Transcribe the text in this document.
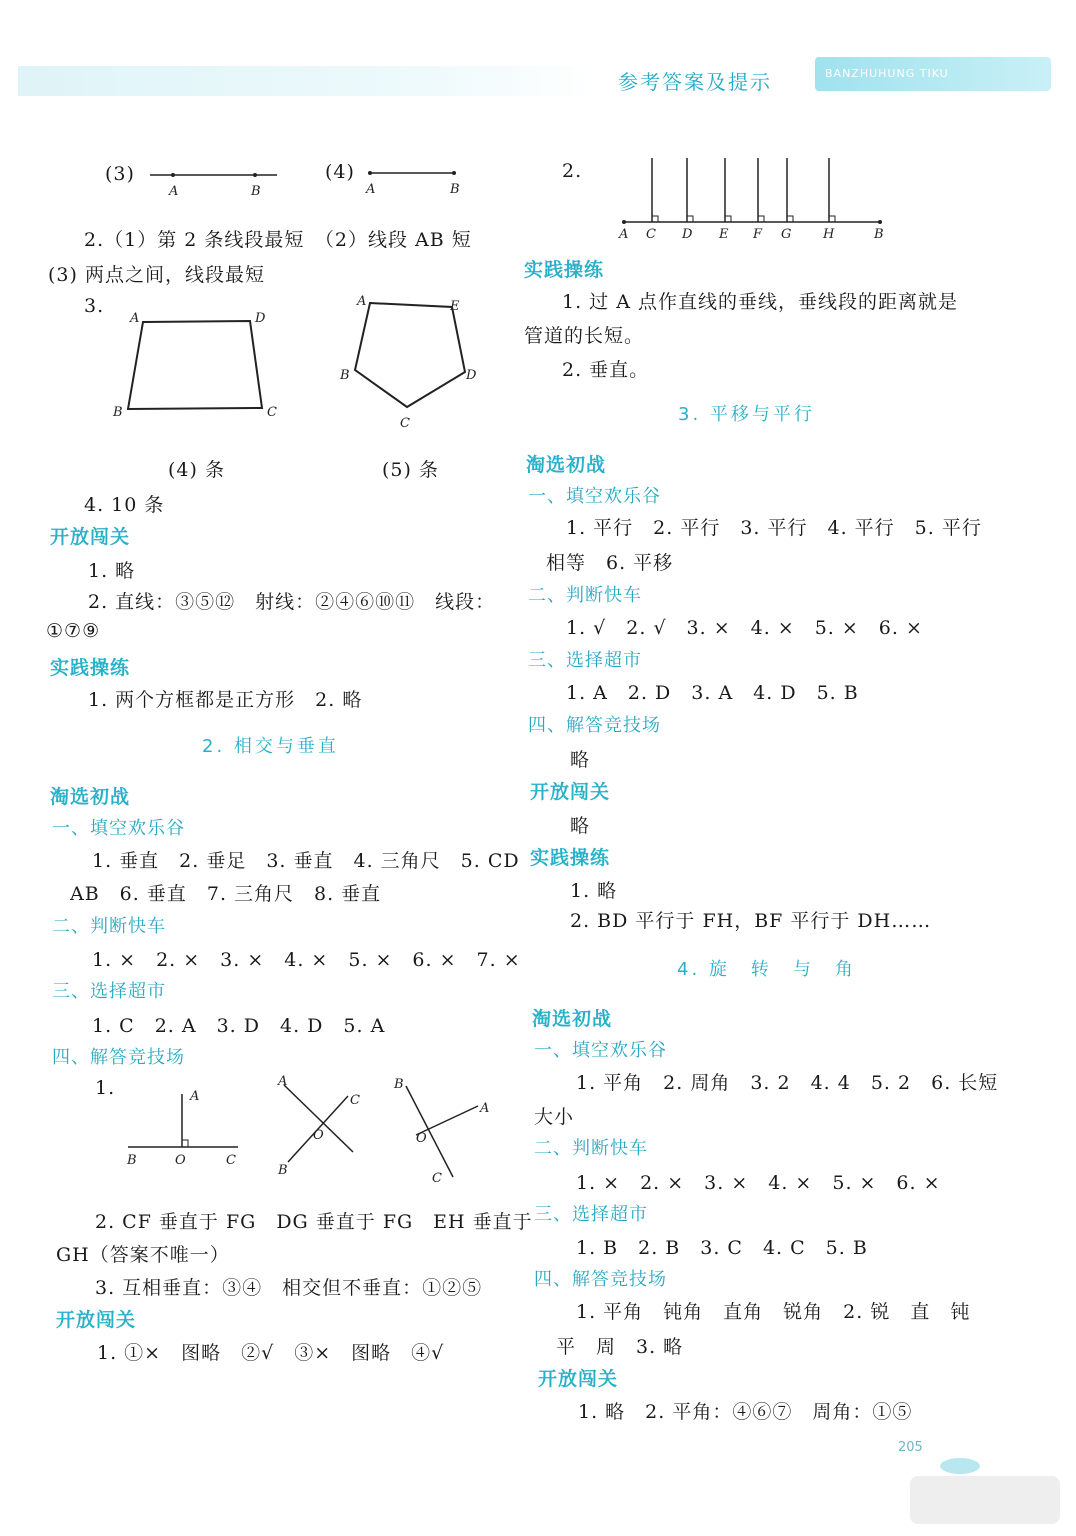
参考答案及提示	BANZHUHUNG TIKU
(3)
A	B
(4)
A	B
2.（1）第 2 条线段最短　（2）线段 AB 短
(3) 两点之间，线段最短
3.
A	D
B	C
A	E
B	D
C
(4) 条	(5) 条
4. 10 条
开放闯关
1. 略
2. 直线：③⑤⑫　射线：②④⑥⑩⑪　线段：
①⑦⑨
实践操练
1. 两个方框都是正方形　2. 略
2. 相交与垂直
淘选初战
一、填空欢乐谷
1. 垂直　2. 垂足　3. 垂直　4. 三角尺　5. CD
AB　6. 垂直　7. 三角尺　8. 垂直
二、判断快车
1. ×　2. ×　3. ×　4. ×　5. ×　6. ×　7. ×
三、选择超市
1. C　2. A　3. D　4. D　5. A
四、解答竞技场
1.	A
B	O	C
A
C
O
B
B
A
O
C
2. CF 垂直于 FG　DG 垂直于 FG　EH 垂直于
GH（答案不唯一）
3. 互相垂直：③④　相交但不垂直：①②⑤
开放闯关
1. ①×　图略　②√　③×　图略　④√
2.
A C D E F G H	B
实践操练
1. 过 A 点作直线的垂线，垂线段的距离就是
管道的长短。
2. 垂直。
3. 平移与平行
淘选初战
一、填空欢乐谷
1. 平行　2. 平行　3. 平行　4. 平行　5. 平行
相等　6. 平移
二、判断快车
1. √　2. √　3. ×　4. ×　5. ×　6. ×
三、选择超市
1. A　2. D　3. A　4. D　5. B
四、解答竞技场
略
开放闯关
略
实践操练
1. 略
2. BD 平行于 FH，BF 平行于 DH……
4. 旋　转　与　角
淘选初战
一、填空欢乐谷
1. 平角　2. 周角　3. 2　4. 4　5. 2　6. 长短
大小
二、判断快车
1. ×　2. ×　3. ×　4. ×　5. ×　6. ×
三、选择超市
1. B　2. B　3. C　4. C　5. B
四、解答竞技场
1. 平角　钝角　直角　锐角　2. 锐　直　钝
平　周　3. 略
开放闯关
1. 略　2. 平角：④⑥⑦　周角：①⑤
205
